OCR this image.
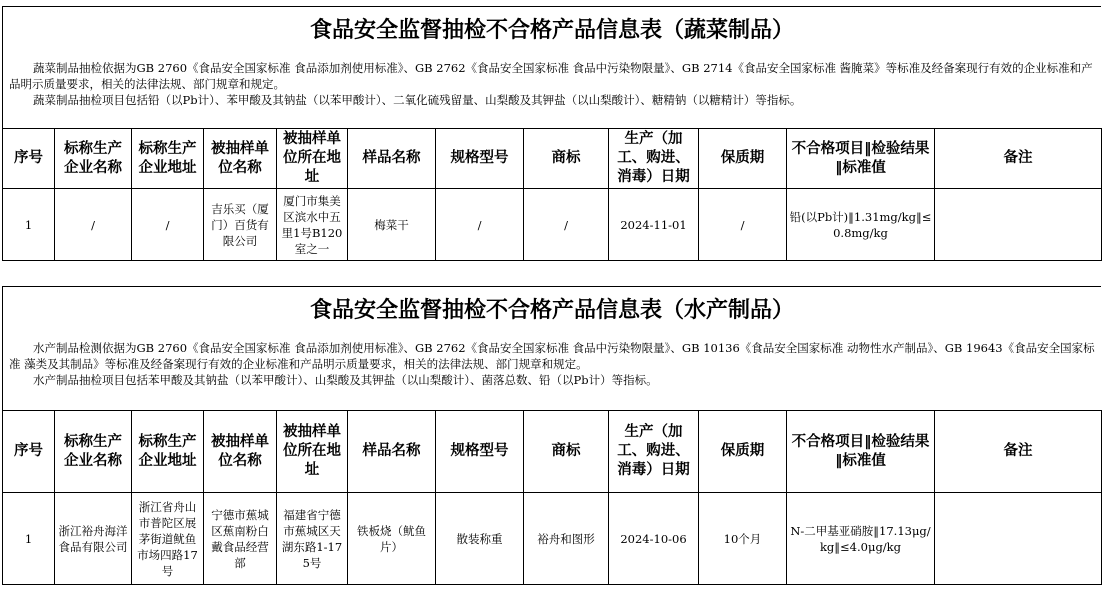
食品安全监督抽检不合格产品信息表（蔬菜制品）

蔬菜制品抽检依据为GB 2760《食品安全国家标准 食品添加剂使用标准》、GB 2762《食品安全国家标准 食品中污染物限量》、GB 2714《食品安全国家标准 酱腌菜》等标准及经备案现行有效的企业标准和产品明示质量要求，相关的法律法规、部门规章和规定。

蔬菜制品抽检项目包括铅（以Pb计）、苯甲酸及其钠盐（以苯甲酸计）、二氧化硫残留量、山梨酸及其钾盐（以山梨酸计）、糖精钠（以糖精计）等指标。

序号	标称生产企业名称	标称生产企业地址	被抽样单位名称	被抽样单位所在地址	样品名称	规格型号	商标	生产（加工、购进、消毒）日期	保质期	不合格项目‖检验结果‖标准值	备注
1	/	/	吉乐买（厦门）百货有限公司	厦门市集美区滨水中五里1号B120室之一	梅菜干	/	/	2024-11-01	/	铅(以Pb计)‖1.31mg/kg‖≤0.8mg/kg	
食品安全监督抽检不合格产品信息表（水产制品）

水产制品检测依据为GB 2760《食品安全国家标准 食品添加剂使用标准》、GB 2762《食品安全国家标准 食品中污染物限量》、GB 10136《食品安全国家标准 动物性水产制品》、GB 19643《食品安全国家标准 藻类及其制品》等标准及经备案现行有效的企业标准和产品明示质量要求，相关的法律法规、部门规章和规定。

水产制品抽检项目包括苯甲酸及其钠盐（以苯甲酸计）、山梨酸及其钾盐（以山梨酸计）、菌落总数、铅（以Pb计）等指标。

序号	标称生产企业名称	标称生产企业地址	被抽样单位名称	被抽样单位所在地址	样品名称	规格型号	商标	生产（加工、购进、消毒）日期	保质期	不合格项目‖检验结果‖标准值	备注
1	浙江裕舟海洋食品有限公司	浙江省舟山市普陀区展茅街道鱿鱼市场四路17号	宁德市蕉城区蕉南粉白戴食品经营部	福建省宁德市蕉城区天湖东路1-175号	铁板烧（鱿鱼片）	散装称重	裕舟和图形	2024-10-06	10个月	N-二甲基亚硝胺‖17.13μg/kg‖≤4.0μg/kg	
